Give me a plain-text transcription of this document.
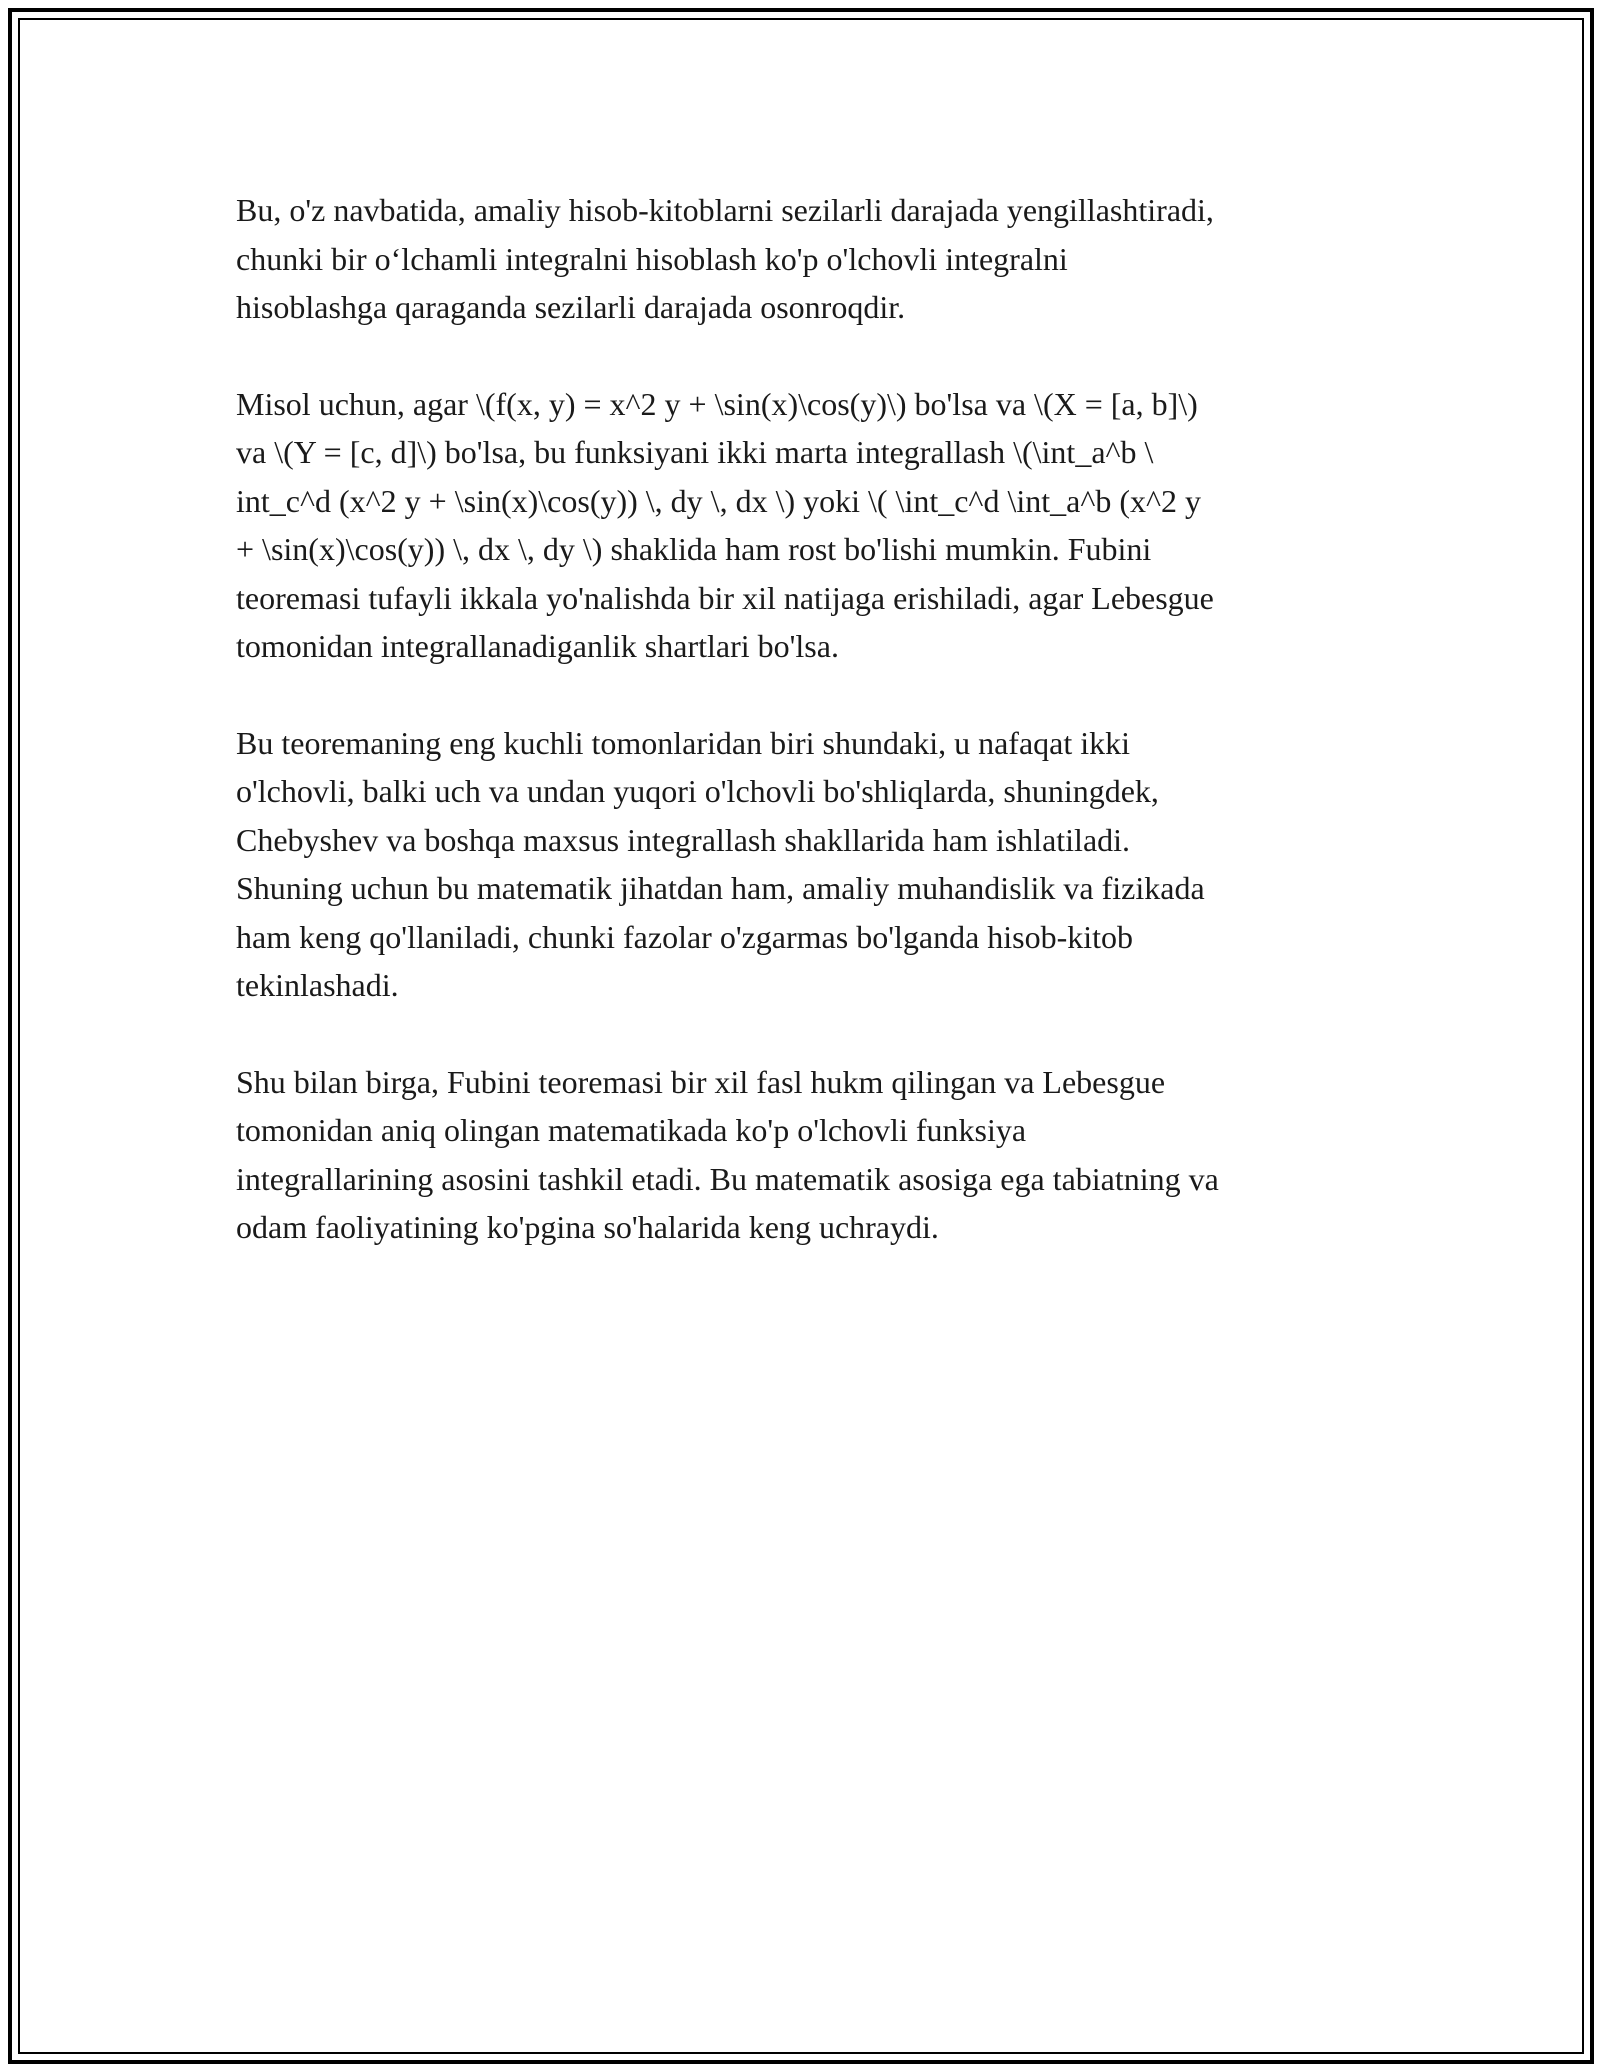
Bu, o'z navbatida, amaliy hisob-kitoblarni sezilarli darajada yengillashtiradi,
chunki bir o‘lchamli integralni hisoblash ko'p o'lchovli integralni
hisoblashga qaraganda sezilarli darajada osonroqdir.

Misol uchun, agar \(f(x, y) = x^2 y + \sin(x)\cos(y)\) bo'lsa va \(X = [a, b]\)
va \(Y = [c, d]\) bo'lsa, bu funksiyani ikki marta integrallash \(\int_a^b \
int_c^d (x^2 y + \sin(x)\cos(y)) \, dy \, dx \) yoki \( \int_c^d \int_a^b (x^2 y
+ \sin(x)\cos(y)) \, dx \, dy \) shaklida ham rost bo'lishi mumkin. Fubini
teoremasi tufayli ikkala yo'nalishda bir xil natijaga erishiladi, agar Lebesgue
tomonidan integrallanadiganlik shartlari bo'lsa.

Bu teoremaning eng kuchli tomonlaridan biri shundaki, u nafaqat ikki
o'lchovli, balki uch va undan yuqori o'lchovli bo'shliqlarda, shuningdek,
Chebyshev va boshqa maxsus integrallash shakllarida ham ishlatiladi.
Shuning uchun bu matematik jihatdan ham, amaliy muhandislik va fizikada
ham keng qo'llaniladi, chunki fazolar o'zgarmas bo'lganda hisob-kitob
tekinlashadi.

Shu bilan birga, Fubini teoremasi bir xil fasl hukm qilingan va Lebesgue
tomonidan aniq olingan matematikada ko'p o'lchovli funksiya
integrallarining asosini tashkil etadi. Bu matematik asosiga ega tabiatning va
odam faoliyatining ko'pgina so'halarida keng uchraydi.
